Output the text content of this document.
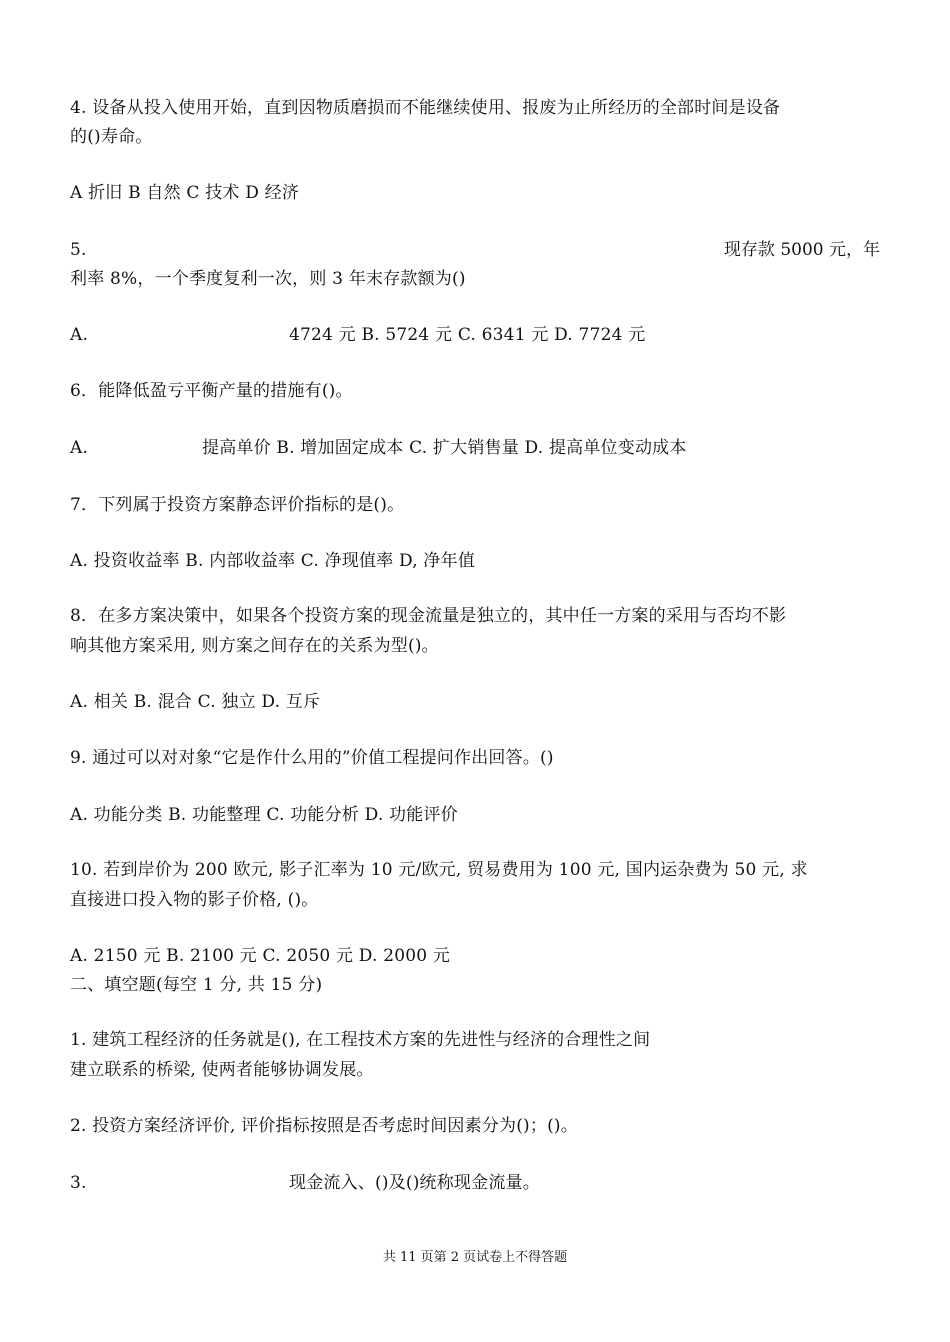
4. 设备从投入使用开始，直到因物质磨损而不能继续使用、报废为止所经历的全部时间是设备
的()寿命。
A 折旧 B 自然 C 技术 D 经济
5.	现存款 5000 元，年
利率 8%，一个季度复利一次，则 3 年末存款额为()
A.	4724 元 B. 5724 元 C. 6341 元 D. 7724 元
6．能降低盈亏平衡产量的措施有()。
A.	提高单价 B. 增加固定成本 C. 扩大销售量 D. 提高单位变动成本
7．下列属于投资方案静态评价指标的是()。
A. 投资收益率 B. 内部收益率 C. 净现值率 D, 净年值
8．在多方案决策中，如果各个投资方案的现金流量是独立的，其中任一方案的采用与否均不影
响其他方案采用, 则方案之间存在的关系为型()。
A. 相关 B. 混合 C. 独立 D. 互斥
9. 通过可以对对象“它是作什么用的”价值工程提问作出回答。()
A. 功能分类 B. 功能整理 C. 功能分析 D. 功能评价
10. 若到岸价为 200 欧元, 影子汇率为 10 元/欧元, 贸易费用为 100 元, 国内运杂费为 50 元, 求
直接进口投入物的影子价格, ()。
A. 2150 元 B. 2100 元 C. 2050 元 D. 2000 元
二、填空题(每空 1 分, 共 15 分)
1. 建筑工程经济的任务就是(), 在工程技术方案的先进性与经济的合理性之间
建立联系的桥梁, 使两者能够协调发展。
2. 投资方案经济评价, 评价指标按照是否考虑时间因素分为()；()。
3.	现金流入、()及()统称现金流量。
共 11 页第 2 页试卷上不得答题
